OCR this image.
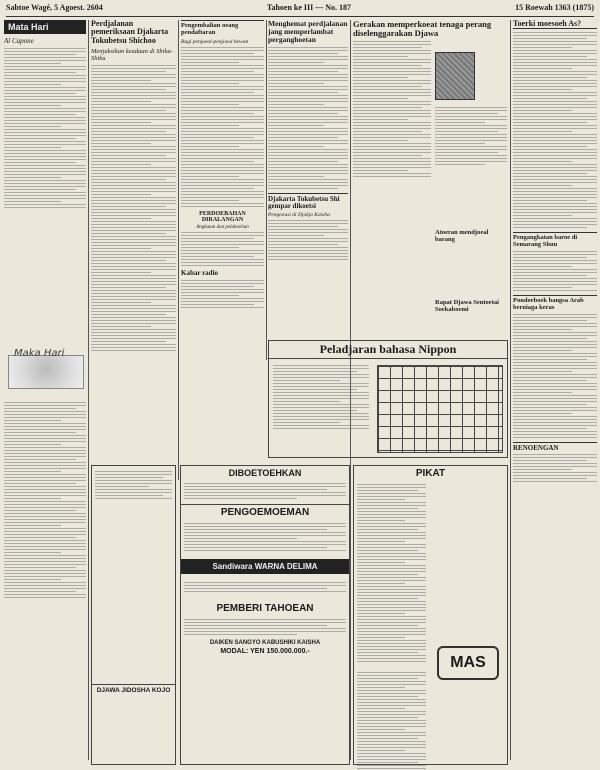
Sabtoe Wagé, 5 Agoest. 2604	Tahoen ke III — No. 187	15 Roewah 1363 (1875)
Mata Hari
Al Capone
Perdjalanan pemeriksaan Djakarta Tokubetsu Shichoo
Menjaksikan keadaan di Shiku-Shiku
Pengembalian oeang pendaftaran
Bagi penjoeal-penjoeal hewan
PERDOEBAHAN DIRALANGAN
Angkutan dan pelaboehan
Kabar radio
Menghemat perdjalanan jang memperlambat perganghoetan
Djakarta Tokubetsu Shi gempar dikoetsi
Pengoeasi di Djokja Kaisha
Gerakan memperkoeat tenaga perang diselenggarakan Djawa
Atoeran mendjoeal barang
Rapat Djawa Sentoetai Soekaboemi
Toerki moesoeh As?
Pengangkatan baroe di Semarang Shuu
Pondoeboek bangsa Arab berniaga keras
RENOENGAN
Peladjaran bahasa Nippon
DJAWA JIDOSHA KOJO
DIBOETOEHKAN
PENGOEMOEMAN
Sandiwara WARNA DELIMA
PEMBERI TAHOEAN
DAIKEN SANGYO KABUSHIKI KAISHA
MODAL: YEN 150.000.000.-
PIKAT

MAS
Maka Hari
